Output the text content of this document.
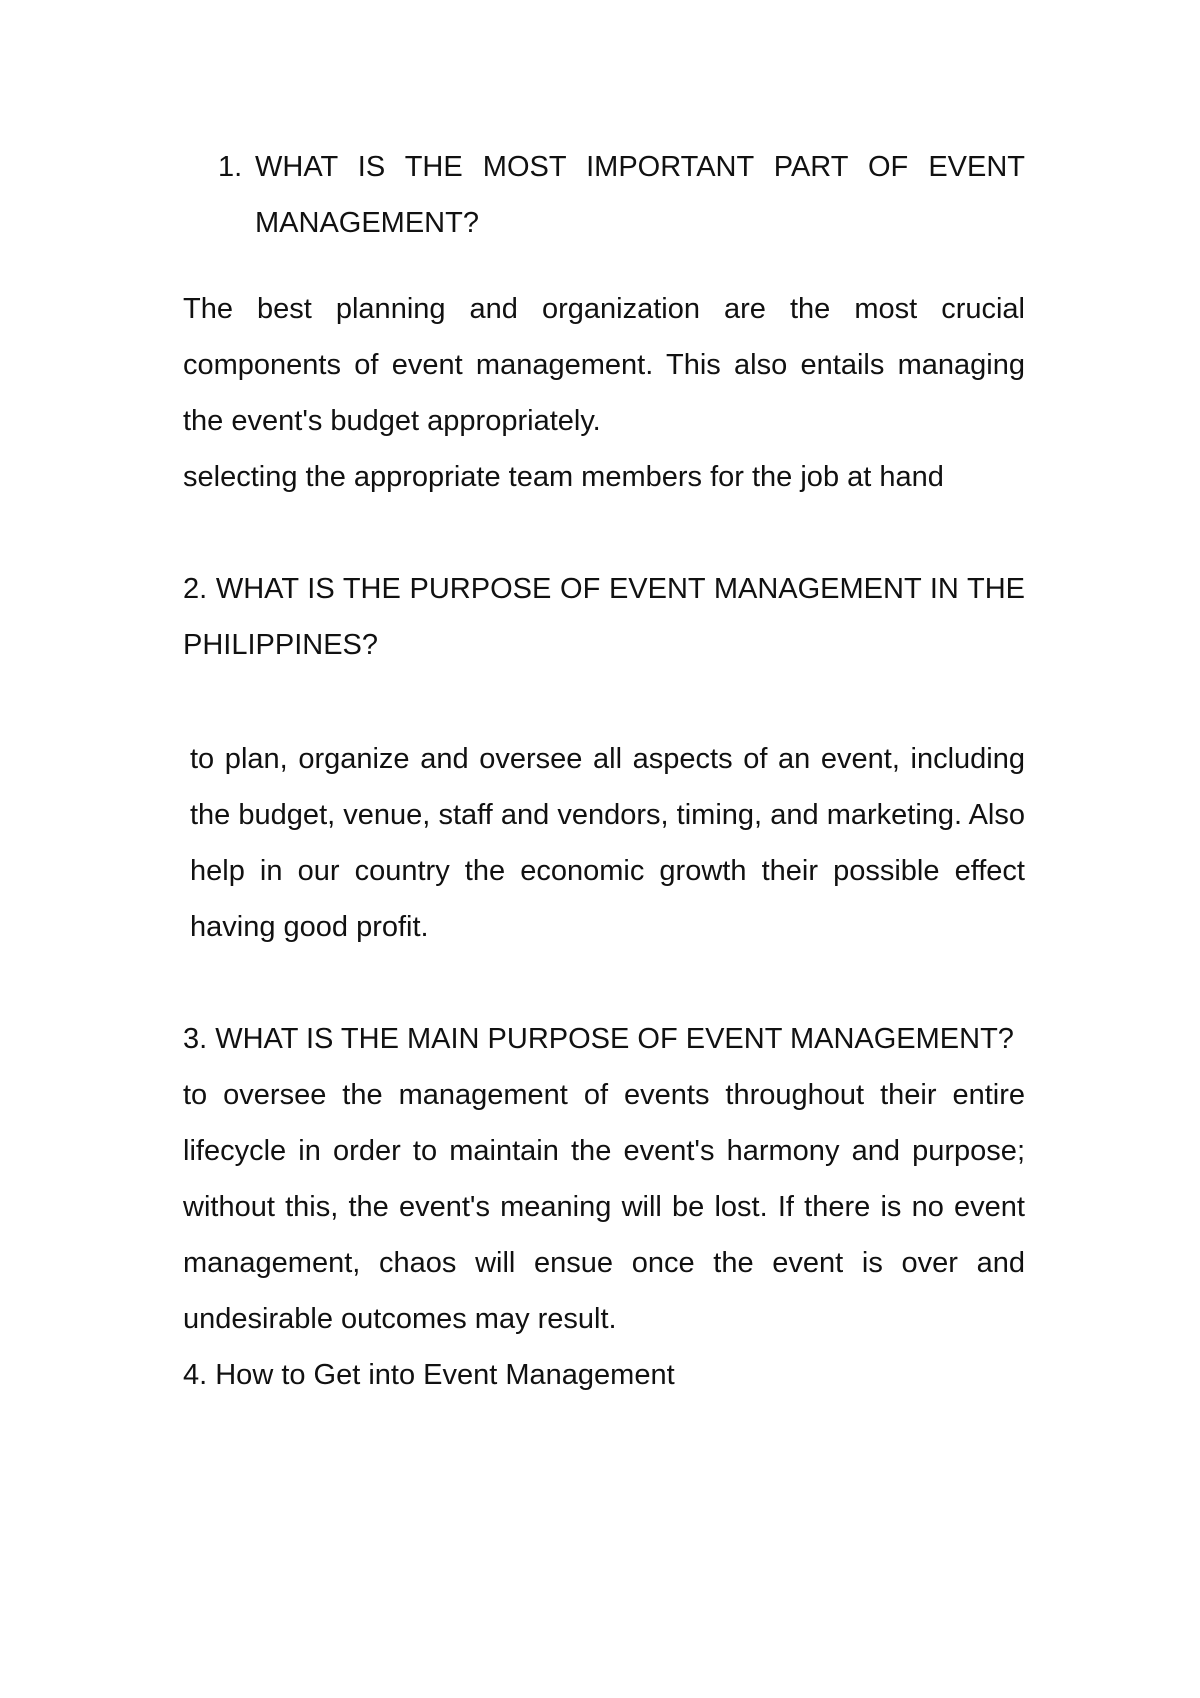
1. WHAT IS THE MOST IMPORTANT PART OF EVENT MANAGEMENT?

The best planning and organization are the most crucial components of event management. This also entails managing the event's budget appropriately.

selecting the appropriate team members for the job at hand

2. WHAT IS THE PURPOSE OF EVENT MANAGEMENT IN THE PHILIPPINES?

to plan, organize and oversee all aspects of an event, including the budget, venue, staff and vendors, timing, and marketing. Also help in our country the economic growth their possible effect having good profit.

3. WHAT IS THE MAIN PURPOSE OF EVENT MANAGEMENT?

to oversee the management of events throughout their entire lifecycle in order to maintain the event's harmony and purpose; without this, the event's meaning will be lost. If there is no event management, chaos will ensue once the event is over and undesirable outcomes may result.

4. How to Get into Event Management
